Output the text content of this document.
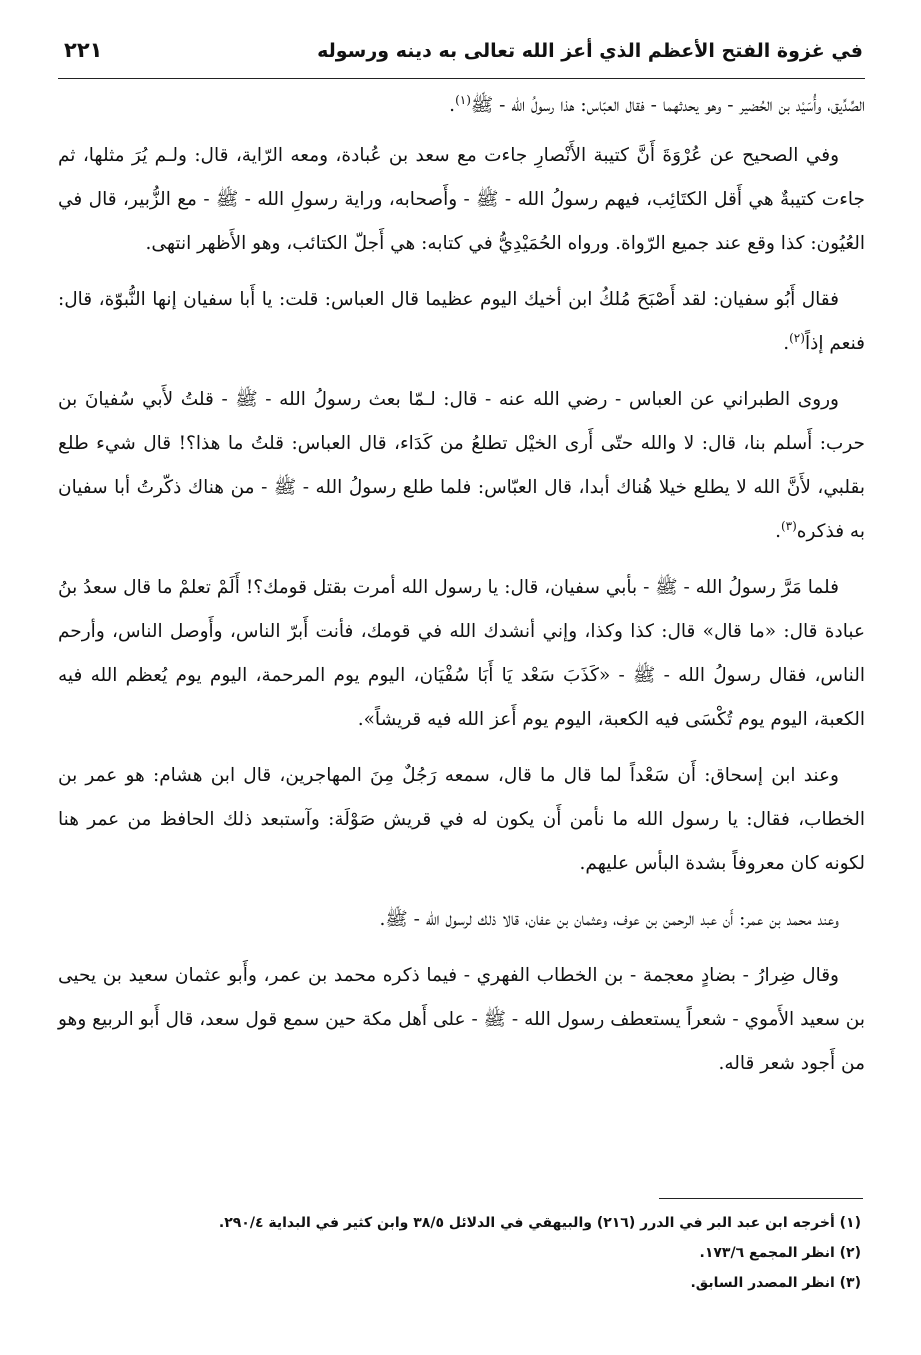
في غزوة الفتح الأعظم الذي أعز الله تعالى به دينه ورسوله
٢٢١

الصِّدِّيق، وأُسَيْد بن الحُضير - وهو يحدثهما - فقال العبّاس: هذا رسولُ الله - ﷺ$^{(١)}$.

وفي الصحيح عن عُرْوَةَ أَنَّ كتيبة الأَنْصارِ جاءت مع سعد بن عُبادة، ومعه الرّاية، قال: ولـم يُرَ مثلها، ثم جاءت كتيبةٌ هي أَقل الكتَائِب، فيهم رسولُ الله - ﷺ - وأَصحابه، وراية رسولِ الله - ﷺ - مع الزُّبير، قال في العُيُون: كذا وقع عند جميع الرّواة. ورواه الحُمَيْدِيُّ في كتابه: هي أَجلّ الكتائب، وهو الأَظهر انتهى.

فقال أَبُو سفيان: لقد أَصْبَحَ مُلكُ ابن أخيك اليوم عظيما قال العباس: قلت: يا أَبا سفيان إنها النُّبوّة، قال: فنعم إذاً$^{(٢)}$.

وروى الطبراني عن العباس - رضي الله عنه - قال: لـمّا بعث رسولُ الله - ﷺ - قلتُ لأَبي سُفيانَ بن حرب: أَسلم بنا، قال: لا والله حتّى أَرى الخيْل تطلعُ من كَدَاء، قال العباس: قلتُ ما هذا؟! قال شيء طلع بقلبي، لأَنَّ الله لا يطلع خيلا هُناك أبدا، قال العبّاس: فلما طلع رسولُ الله - ﷺ - من هناك ذكّرتُ أبا سفيان به فذكره$^{(٣)}$.

فلما مَرَّ رسولُ الله - ﷺ - بأبي سفيان، قال: يا رسول الله أمرت بقتل قومك؟! أَلَمْ تعلمْ ما قال سعدُ بنُ عبادة قال: «ما قال» قال: كذا وكذا، وإني أنشدك الله في قومك، فأنت أَبرّ الناس، وأَوصل الناس، وأرحم الناس، فقال رسولُ الله - ﷺ - «كَذَبَ سَعْد يَا أَبَا سُفْيَان، اليوم يوم المرحمة، اليوم يوم يُعظم الله فيه الكعبة، اليوم يوم تُكْسَى فيه الكعبة، اليوم يوم أَعز الله فيه قريشاً».

وعند ابن إسحاق: أَن سَعْداً لما قال ما قال، سمعه رَجُلٌ مِنَ المهاجرين، قال ابن هشام: هو عمر بن الخطاب، فقال: يا رسول الله ما نأمن أَن يكون له في قريش صَوْلَة: وآستبعد ذلك الحافظ من عمر هنا لكونه كان معروفاً بشدة البأس عليهم.

وعند محمد بن عمر: أَن عبد الرحمن بن عوف، وعثمان بن عفان، قالا ذلك لرسول الله - ﷺ.

وقال ضِرارُ - بضادٍ معجمة - بن الخطاب الفهري - فيما ذكره محمد بن عمر، وأَبو عثمان سعيد بن يحيى بن سعيد الأَموي - شعراً يستعطف رسول الله - ﷺ - على أَهل مكة حين سمع قول سعد، قال أَبو الربيع وهو من أَجود شعر قاله.

(١) أخرجه ابن عبد البر في الدرر (٢١٦) والبيهقي في الدلائل ٣٨/٥ وابن كثير في البداية ٢٩٠/٤.

(٢) انظر المجمع ١٧٣/٦.

(٣) انظر المصدر السابق.
